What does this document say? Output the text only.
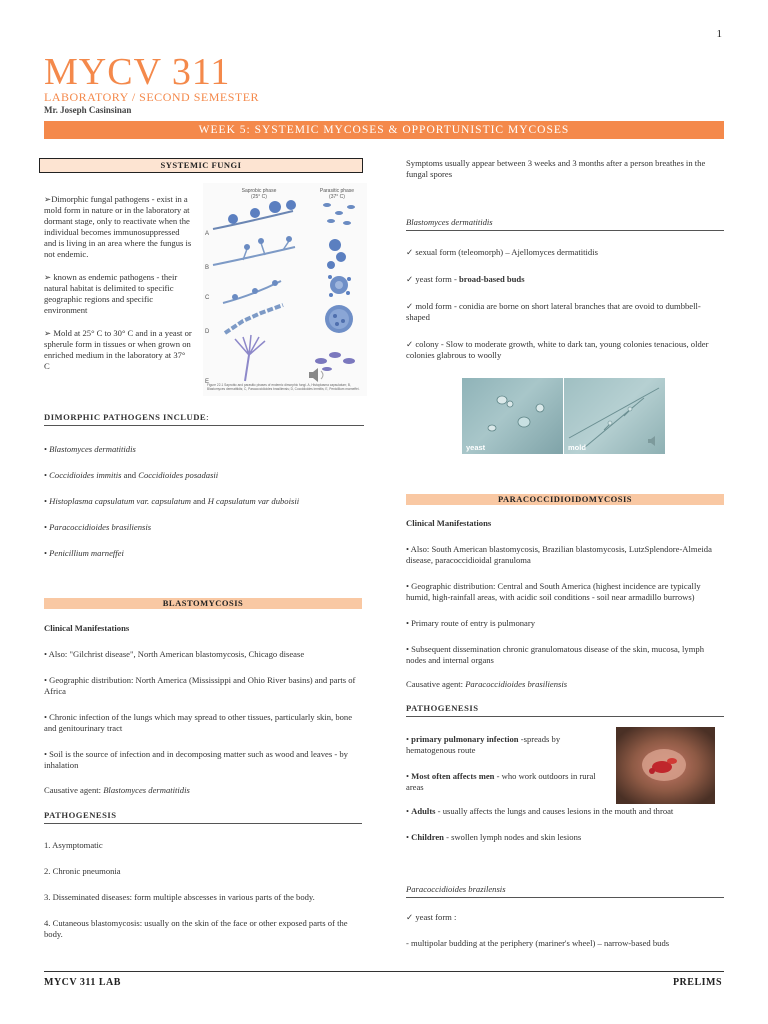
1
MYCV 311
LABORATORY / SECOND SEMESTER
Mr. Joseph Casinsinan
WEEK 5: SYSTEMIC MYCOSES & OPPORTUNISTIC MYCOSES
SYSTEMIC FUNGI

➢Dimorphic fungal pathogens - exist in a mold form in nature or in the laboratory at dormant stage, only to reactivate when the individual becomes immunosuppressed and is living in an area where the fungus is not endemic.

➢ known as endemic pathogens - their natural habitat is delimited to specific geographic regions and specific environment

➢ Mold at 25° C to 30° C and in a yeast or spherule form in tissues or when grown on enriched medium in the laboratory at 37° C

Saprobic phase
(25° C)
Parasitic phase
(37° C)
A
B
C
D
E
Figure 22-1 Saprobic and parasitic phases of endemic dimorphic fungi. A, Histoplasma capsulatum; B, Blastomyces dermatitidis; C, Paracoccidioides brasiliensis; D, Coccidioides immitis; E, Penicillium marneffei.

DIMORPHIC PATHOGENS INCLUDE:

• Blastomyces dermatitidis

• Coccidioides immitis and Coccidioides posadasii

• Histoplasma capsulatum var. capsulatum and H capsulatum var duboisii

• Paracoccidioides brasiliensis

• Penicillium marneffei

BLASTOMYCOSIS

Clinical Manifestations

• Also: "Gilchrist disease", North American blastomycosis, Chicago disease

• Geographic distribution: North America (Mississippi and Ohio River basins) and parts of Africa

• Chronic infection of the lungs which may spread to other tissues, particularly skin, bone and genitourinary tract

• Soil is the source of infection and in decomposing matter such as wood and leaves - by inhalation

Causative agent: Blastomyces dermatitidis

PATHOGENESIS

1. Asymptomatic

2. Chronic pneumonia

3. Disseminated diseases: form multiple abscesses in various parts of the body.

4. Cutaneous blastomycosis: usually on the skin of the face or other exposed parts of the body.

Symptoms usually appear between 3 weeks and 3 months after a person breathes in the fungal spores

Blastomyces dermatitidis

✓ sexual form (teleomorph) – Ajellomyces dermatitidis

✓ yeast form - broad-based buds

✓ mold form - conidia are borne on short lateral branches that are ovoid to dumbbell-shaped

✓ colony - Slow to moderate growth, white to dark tan, young colonies tenacious, older colonies glabrous to woolly

yeast	mold
PARACOCCIDIOIDOMYCOSIS

Clinical Manifestations

• Also: South American blastomycosis, Brazilian blastomycosis, LutzSplendore-Almeida disease, paracoccidioidal granuloma

• Geographic distribution: Central and South America (highest incidence are typically humid, high-rainfall areas, with acidic soil conditions - soil near armadillo burrows)

• Primary route of entry is pulmonary

• Subsequent dissemination chronic granulomatous disease of the skin, mucosa, lymph nodes and internal organs

Causative agent: Paracoccidioides brasiliensis

PATHOGENESIS

• primary pulmonary infection -spreads by hematogenous route

• Most often affects men - who work outdoors in rural areas

• Adults - usually affects the lungs and causes lesions in the mouth and throat

• Children - swollen lymph nodes and skin lesions

Paracoccidioides brazilensis

✓ yeast form :

- multipolar budding at the periphery (mariner's wheel) – narrow-based buds

MYCV 311 LAB	PRELIMS
